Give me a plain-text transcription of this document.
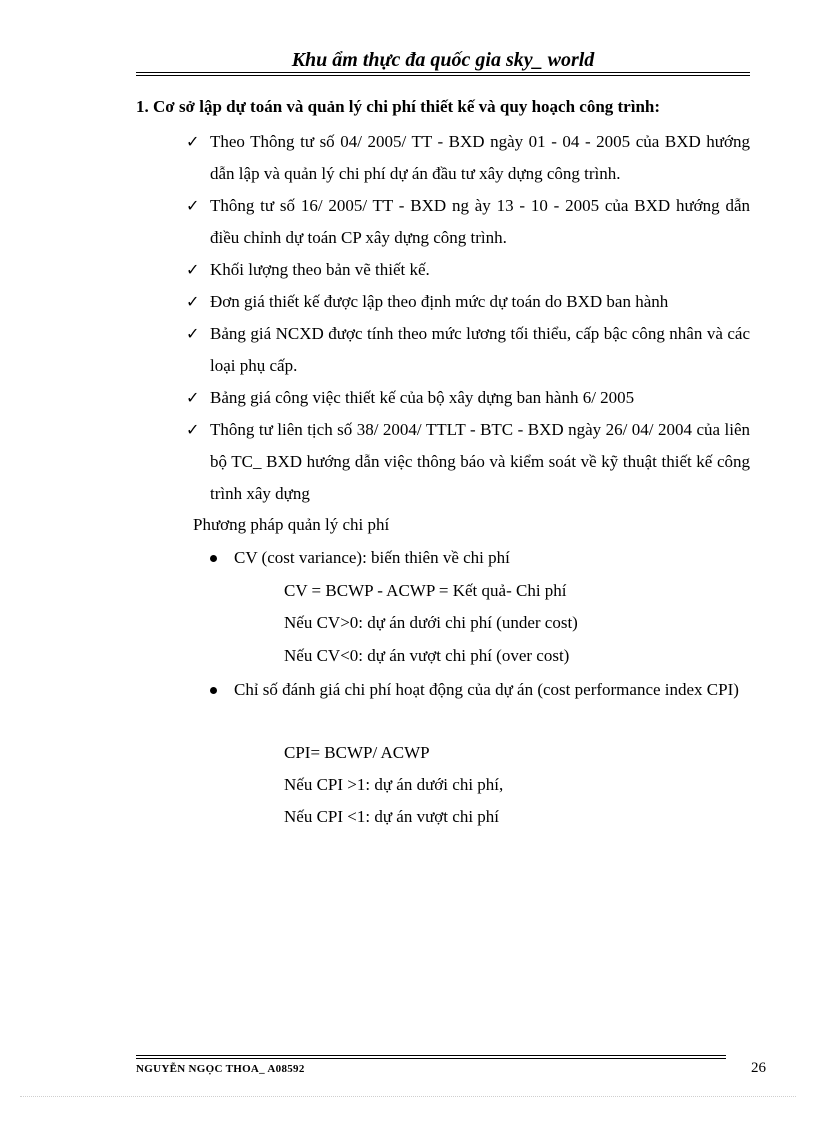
Khu ẩm thực đa quốc gia sky_ world
1. Cơ sở lập dự toán và quản lý chi phí thiết kế và quy hoạch công trình:
✓ Theo Thông tư số 04/ 2005/ TT - BXD ngày 01 - 04 - 2005 của BXD hướng dẫn lập và quản lý chi phí dự án đầu tư xây dựng công trình.
✓ Thông tư số 16/ 2005/ TT - BXD ng ày 13 - 10 - 2005 của BXD hướng dẫn điều chỉnh dự toán CP xây dựng công trình.
✓ Khối lượng theo bản vẽ thiết kế.
✓ Đơn giá thiết kế được lập theo định mức dự toán do BXD ban hành
✓ Bảng giá NCXD được tính theo mức lương tối thiểu, cấp bậc công nhân và các loại phụ cấp.
✓ Bảng giá công việc thiết kế của bộ xây dựng ban hành 6/ 2005
✓ Thông tư liên tịch số 38/ 2004/ TTLT - BTC - BXD ngày 26/ 04/ 2004 của liên bộ TC_ BXD hướng dẫn việc thông báo và kiểm soát về kỹ thuật thiết kế công trình xây dựng
Phương pháp quản lý chi phí
CV (cost variance): biến thiên về chi phí
CV = BCWP - ACWP = Kết quả- Chi phí
Nếu CV>0: dự án dưới chi phí (under cost)
Nếu CV<0: dự án vượt chi phí (over cost)
Chỉ số đánh giá chi phí hoạt động của dự án (cost performance index CPI)
CPI= BCWP/ ACWP
Nếu CPI >1: dự án dưới chi phí,
Nếu CPI <1: dự án vượt chi phí
NGUYỄN NGỌC THOA_ A08592	26
